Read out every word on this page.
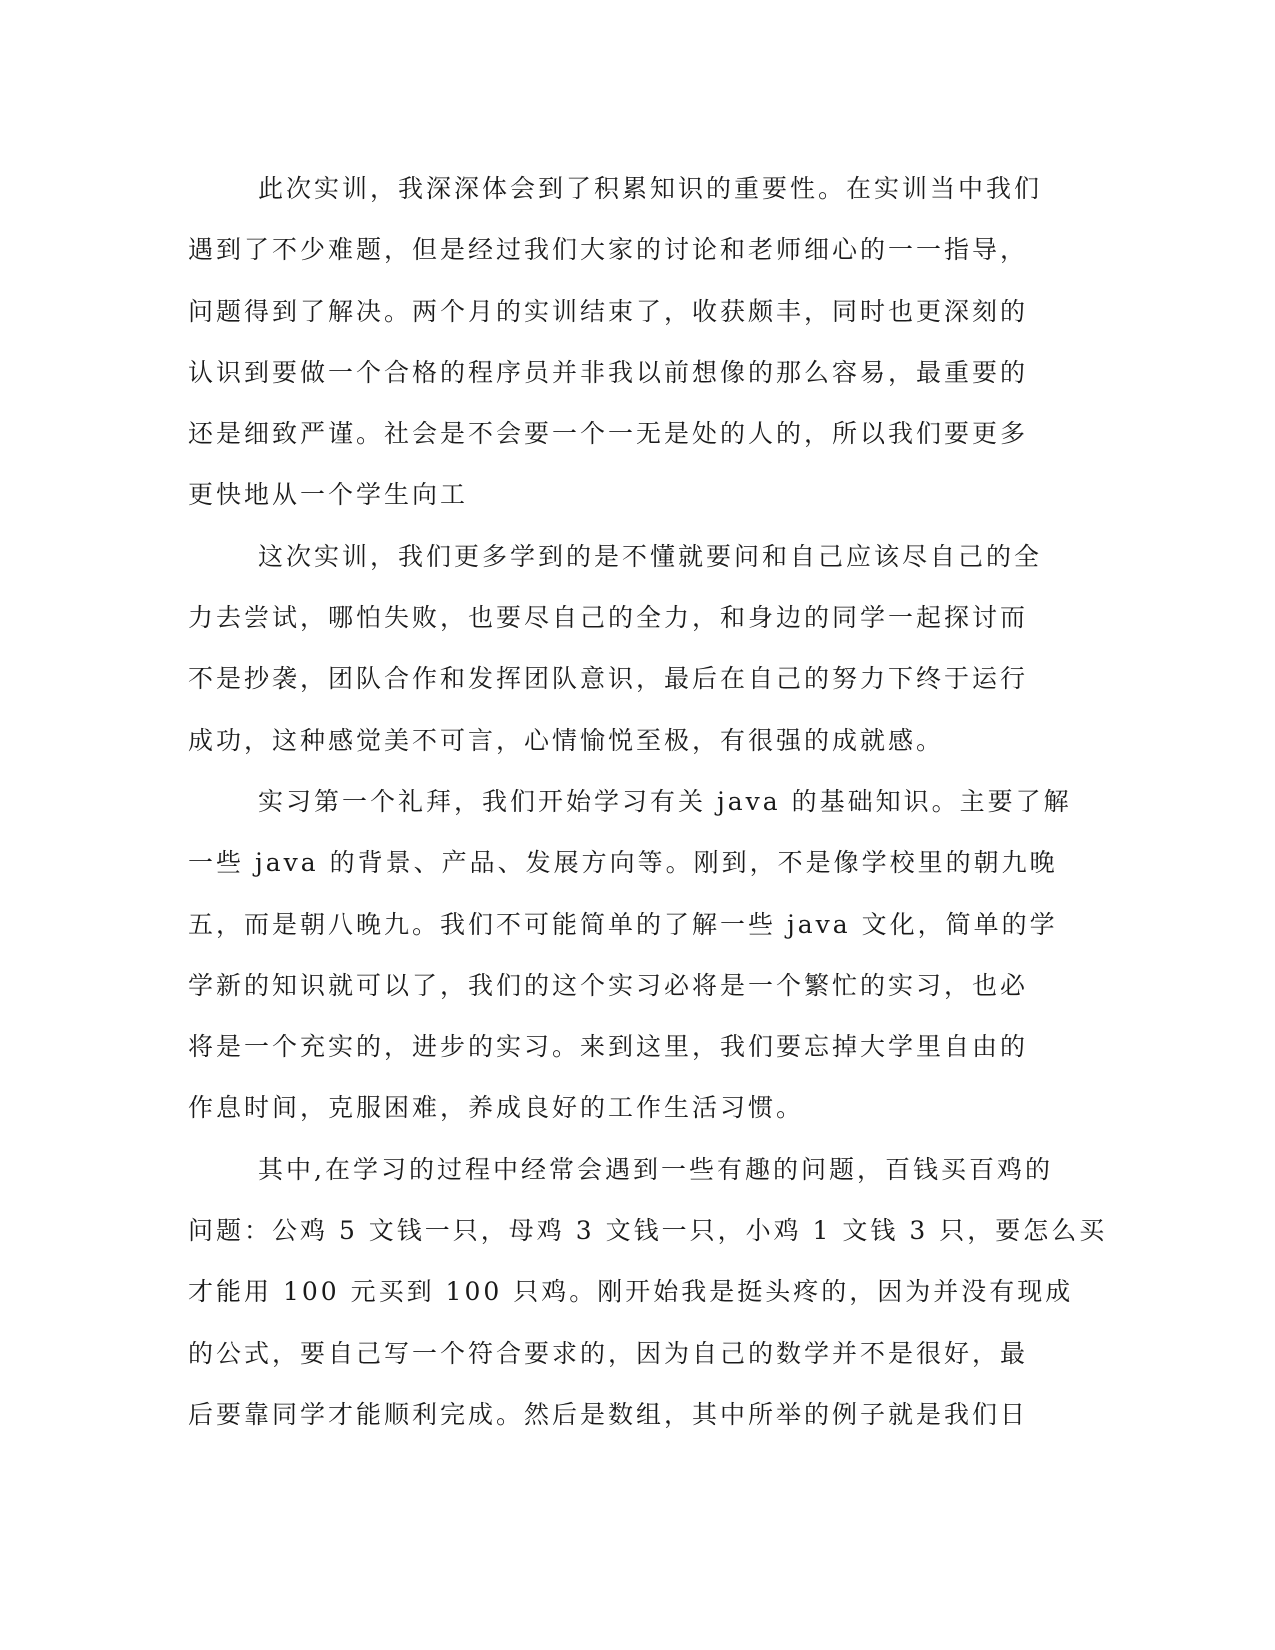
此次实训，我深深体会到了积累知识的重要性。在实训当中我们
遇到了不少难题，但是经过我们大家的讨论和老师细心的一一指导，
问题得到了解决。两个月的实训结束了，收获颇丰，同时也更深刻的
认识到要做一个合格的程序员并非我以前想像的那么容易，最重要的
还是细致严谨。社会是不会要一个一无是处的人的，所以我们要更多
更快地从一个学生向工
这次实训，我们更多学到的是不懂就要问和自己应该尽自己的全
力去尝试，哪怕失败，也要尽自己的全力，和身边的同学一起探讨而
不是抄袭，团队合作和发挥团队意识，最后在自己的努力下终于运行
成功，这种感觉美不可言，心情愉悦至极，有很强的成就感。
实习第一个礼拜，我们开始学习有关 java 的基础知识。主要了解
一些 java 的背景、产品、发展方向等。刚到，不是像学校里的朝九晚
五，而是朝八晚九。我们不可能简单的了解一些 java 文化，简单的学
学新的知识就可以了，我们的这个实习必将是一个繁忙的实习，也必
将是一个充实的，进步的实习。来到这里，我们要忘掉大学里自由的
作息时间，克服困难，养成良好的工作生活习惯。
其中,在学习的过程中经常会遇到一些有趣的问题，百钱买百鸡的
问题：公鸡 5 文钱一只，母鸡 3 文钱一只，小鸡 1 文钱 3 只，要怎么买
才能用 100 元买到 100 只鸡。刚开始我是挺头疼的，因为并没有现成
的公式，要自己写一个符合要求的，因为自己的数学并不是很好，最
后要靠同学才能顺利完成。然后是数组，其中所举的例子就是我们日
